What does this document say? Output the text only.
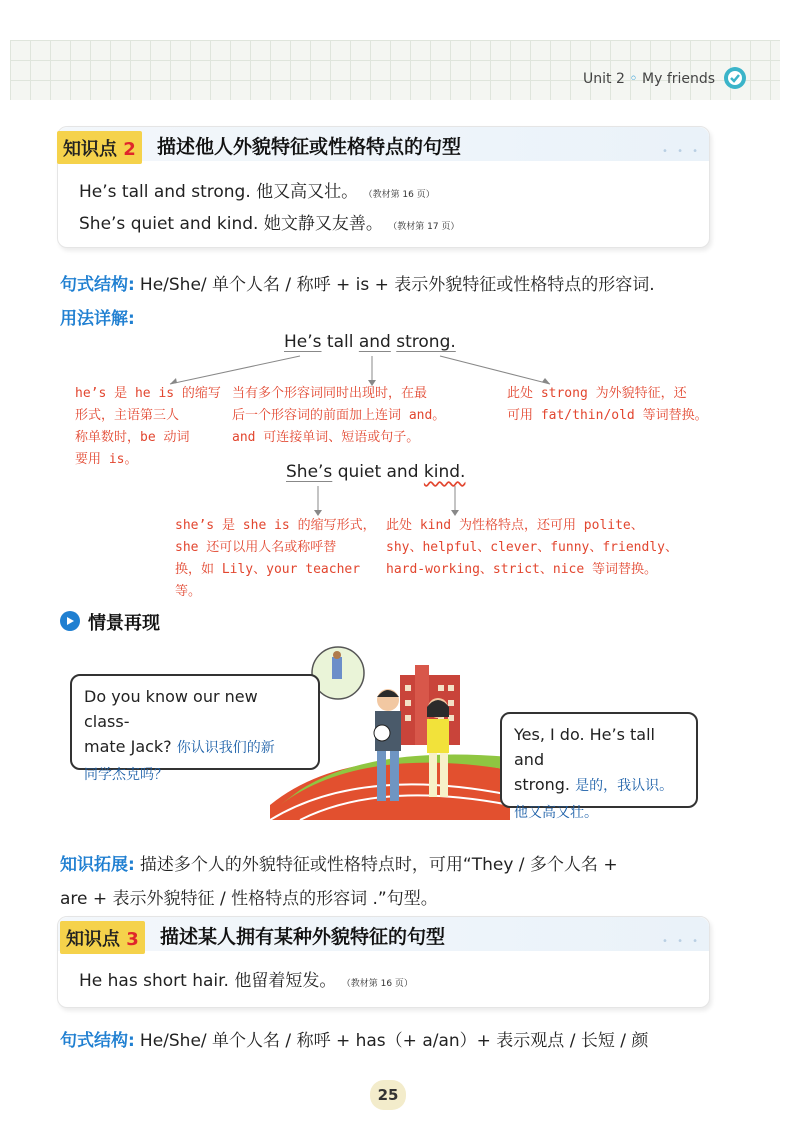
Unit 2 ◦ My friends
知识点 2	描述他人外貌特征或性格特点的句型	• • •
He’s tall and strong. 他又高又壮。 （教材第 16 页）
She’s quiet and kind. 她文静又友善。 （教材第 17 页）
句式结构: He/She/ 单个人名 / 称呼 + is + 表示外貌特征或性格特点的形容词.
用法详解:
He’s tall and strong.
he’s 是 he is 的缩写
形式，主语第三人
称单数时，be 动词
要用 is。
当有多个形容词同时出现时，在最
后一个形容词的前面加上连词 and。
and 可连接单词、短语或句子。
此处 strong 为外貌特征，还
可用 fat/thin/old 等词替换。
She’s quiet and kind.
she’s 是 she is 的缩写形式，
she 还可以用人名或称呼替
换，如 Lily、your teacher 等。
此处 kind 为性格特点，还可用 polite、
shy、helpful、clever、funny、friendly、
hard-working、strict、nice 等词替换。
情景再现
Do you know our new class-
mate Jack? 你认识我们的新
同学杰克吗？
Yes, I do. He’s tall and
strong. 是的，我认识。
他又高又壮。
知识拓展: 描述多个人的外貌特征或性格特点时，可用“They / 多个人名 +
are + 表示外貌特征 / 性格特点的形容词 .”句型。
知识点 3	描述某人拥有某种外貌特征的句型	• • •
He has short hair. 他留着短发。 （教材第 16 页）
句式结构: He/She/ 单个人名 / 称呼 + has（+ a/an）+ 表示观点 / 长短 / 颜
25
